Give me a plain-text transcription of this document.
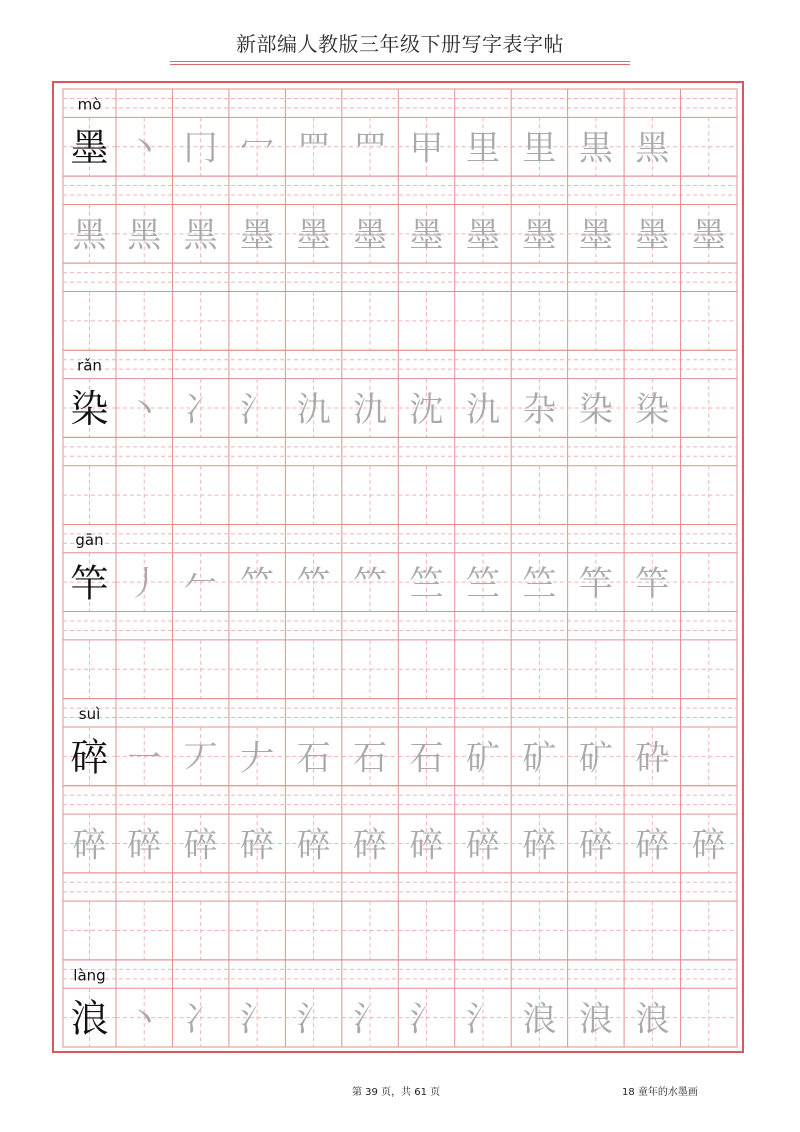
新部编人教版三年级下册写字表字帖
mò
墨 丶 冂 冖 罒 罒 甲 里 里 黒 黑
黑 黑 黑 墨 墨 墨 墨 墨 墨 墨 墨 墨
rǎn
染 丶 冫 氵 氿 氿 沈 氿 杂 染 染
gān
竿 丿 𠂉 𥫗 𥫗 𥫗 竺 竺 竺 竿 竿
suì
碎 一 丆 𠂇 石 石 石 矿 矿 矿 砕
碎 碎 碎 碎 碎 碎 碎 碎 碎 碎 碎 碎
làng
浪 丶 冫 氵 氵 氵 氵 氵 浪 浪 浪
第 39 页，共 61 页	18 童年的水墨画
